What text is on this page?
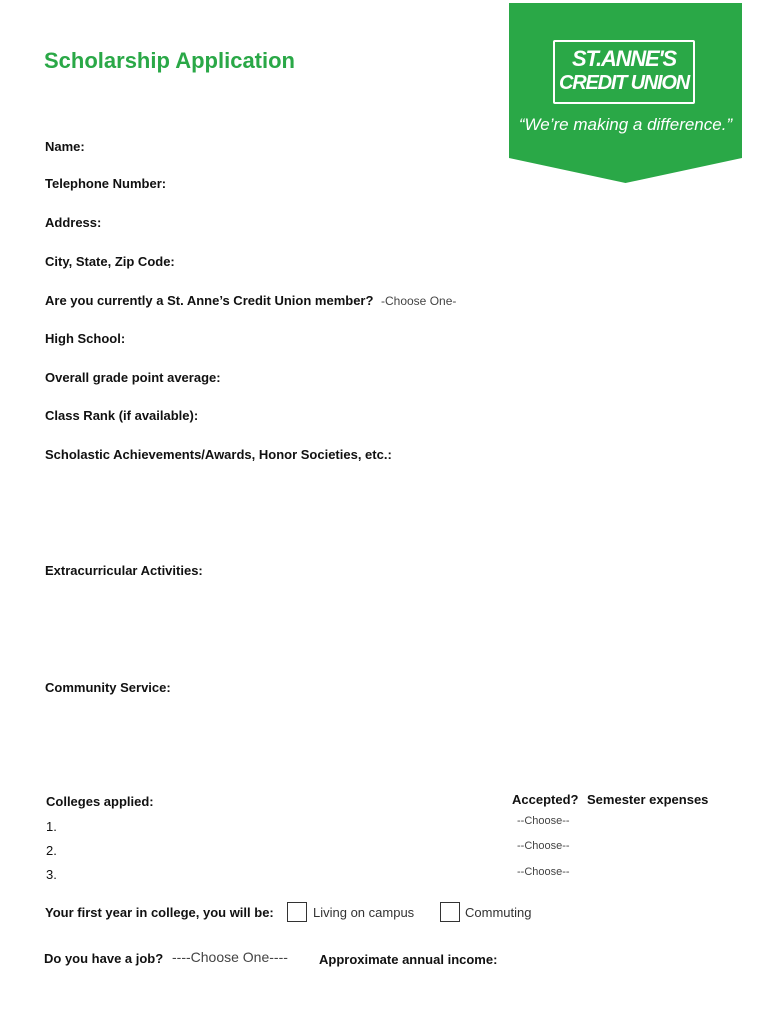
ST.ANNE'S
CREDIT UNION
“We’re making a difference.”
Scholarship Application
Name:
Telephone Number:
Address:
City, State, Zip Code:
Are you currently a St. Anne’s Credit Union member? -Choose One-
High School:
Overall grade point average:
Class Rank (if available):
Scholastic Achievements/Awards, Honor Societies, etc.:
Extracurricular Activities:
Community Service:
Colleges applied:	Accepted? Semester expenses
1.	--Choose--
2.	--Choose--
3.	--Choose--
Your first year in college, you will be:	Living on campus	Commuting
Do you have a job? ----Choose One---- Approximate annual income:
